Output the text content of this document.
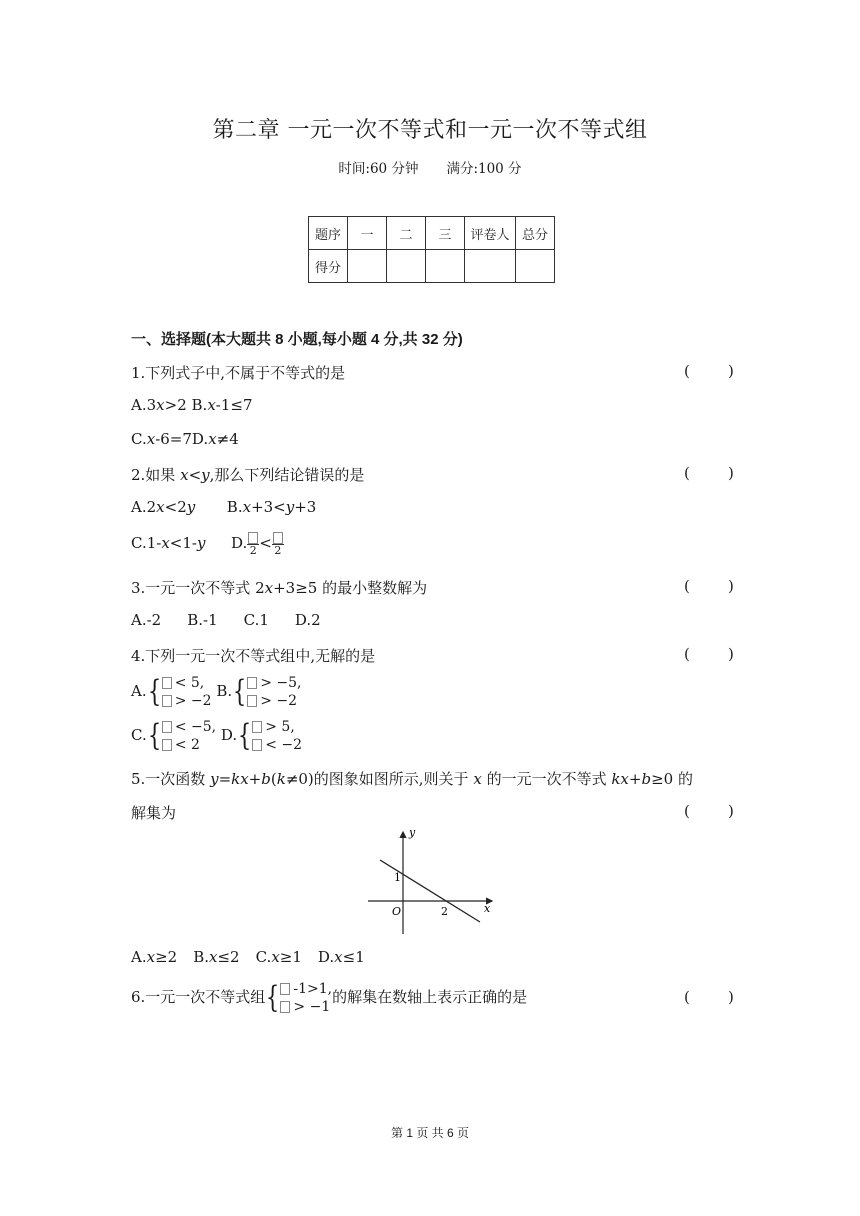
第二章 一元一次不等式和一元一次不等式组
时间:60 分钟 满分:100 分
题序	一	二	三	评卷人	总分
得分					
一、选择题(本大题共 8 小题,每小题 4 分,共 32 分)
1.下列式子中,不属于不等式的是	(        )
A.3x>2 B.x-1≤7
C.x-6=7D.x≠4
2.如果 x<y,那么下列结论错误的是	(        )
A.2x<2y B.x+3<y+3
C.1-x<1-y D. 2 < 2
3.一元一次不等式 2x+3≥5 的最小整数解为	(        )
A.-2 B.-1 C.1 D.2
4.下列一元一次不等式组中,无解的是	(        )
A.{ < 5,
> −2 B.{ > −5,
> −2
C.{ < −5,
< 2 D.{ > 5,
< −2
5.一次函数 y=kx+b(k≠0)的图象如图所示,则关于 x 的一元一次不等式 kx+b≥0 的
解集为	(        )
y
x
O
1
2
A.x≥2 B.x≤2 C.x≥1 D.x≤1
6.一元一次不等式组{ -1>1,
> −1的解集在数轴上表示正确的是	(        )
第 1 页 共 6 页
